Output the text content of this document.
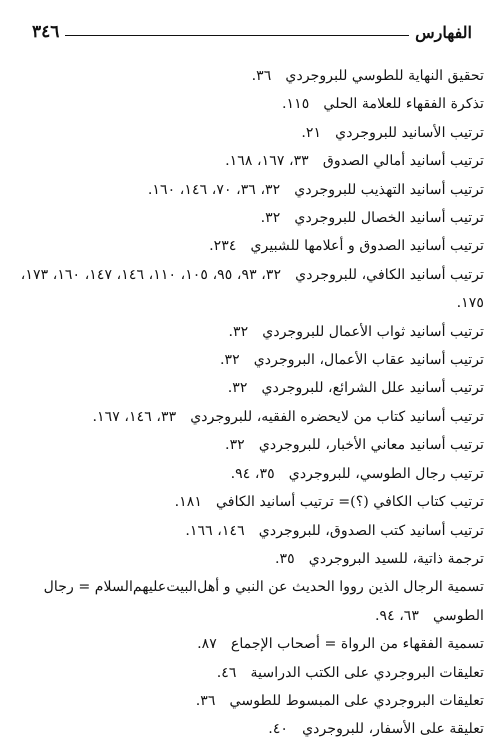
٣٤٦	الفهارس

تحقيق النهاية للطوسي للبروجردي٣٦.

تذكرة الفقهاء للعلامة الحلي١١٥.

ترتيب الأسانيد للبروجردي٢١.

ترتيب أسانيد أمالي الصدوق٣٣، ١٦٧، ١٦٨.

ترتيب أسانيد التهذيب للبروجردي٣٢، ٣٦، ٧٠، ١٤٦، ١٦٠.

ترتيب أسانيد الخصال للبروجردي٣٢.

ترتيب أسانيد الصدوق و أعلامها للشبيري٢٣٤.

ترتيب أسانيد الكافي، للبروجردي٣٢، ٩٣، ٩٥، ١٠٥، ١١٠، ١٤٦، ١٤٧، ١٦٠، ١٧٣، ١٧٥.

ترتيب أسانيد ثواب الأعمال للبروجردي٣٢.

ترتيب أسانيد عقاب الأعمال، البروجردي٣٢.

ترتيب أسانيد علل الشرائع، للبروجردي٣٢.

ترتيب أسانيد كتاب من لايحضره الفقيه، للبروجردي٣٣، ١٤٦، ١٦٧.

ترتيب أسانيد معاني الأخبار، للبروجردي٣٢.

ترتيب رجال الطوسي، للبروجردي٣٥، ٩٤.

ترتيب كتاب الكافي (؟)= ترتيب أسانيد الكافي١٨١.

ترتيب أسانيد كتب الصدوق، للبروجردي١٤٦، ١٦٦.

ترجمة ذاتية، للسيد البروجردي٣٥.

تسمية الرجال الذين رووا الحديث عن النبي و أهل‌البيت‌عليهم‌السلام = رجال الطوسي٦٣، ٩٤.

تسمية الفقهاء من الرواة = أصحاب الإجماع٨٧.

تعليقات البروجردي على الكتب الدراسية٤٦.

تعليقات البروجردي على المبسوط للطوسي٣٦.

تعليقة على الأسفار، للبروجردي٤٠.
